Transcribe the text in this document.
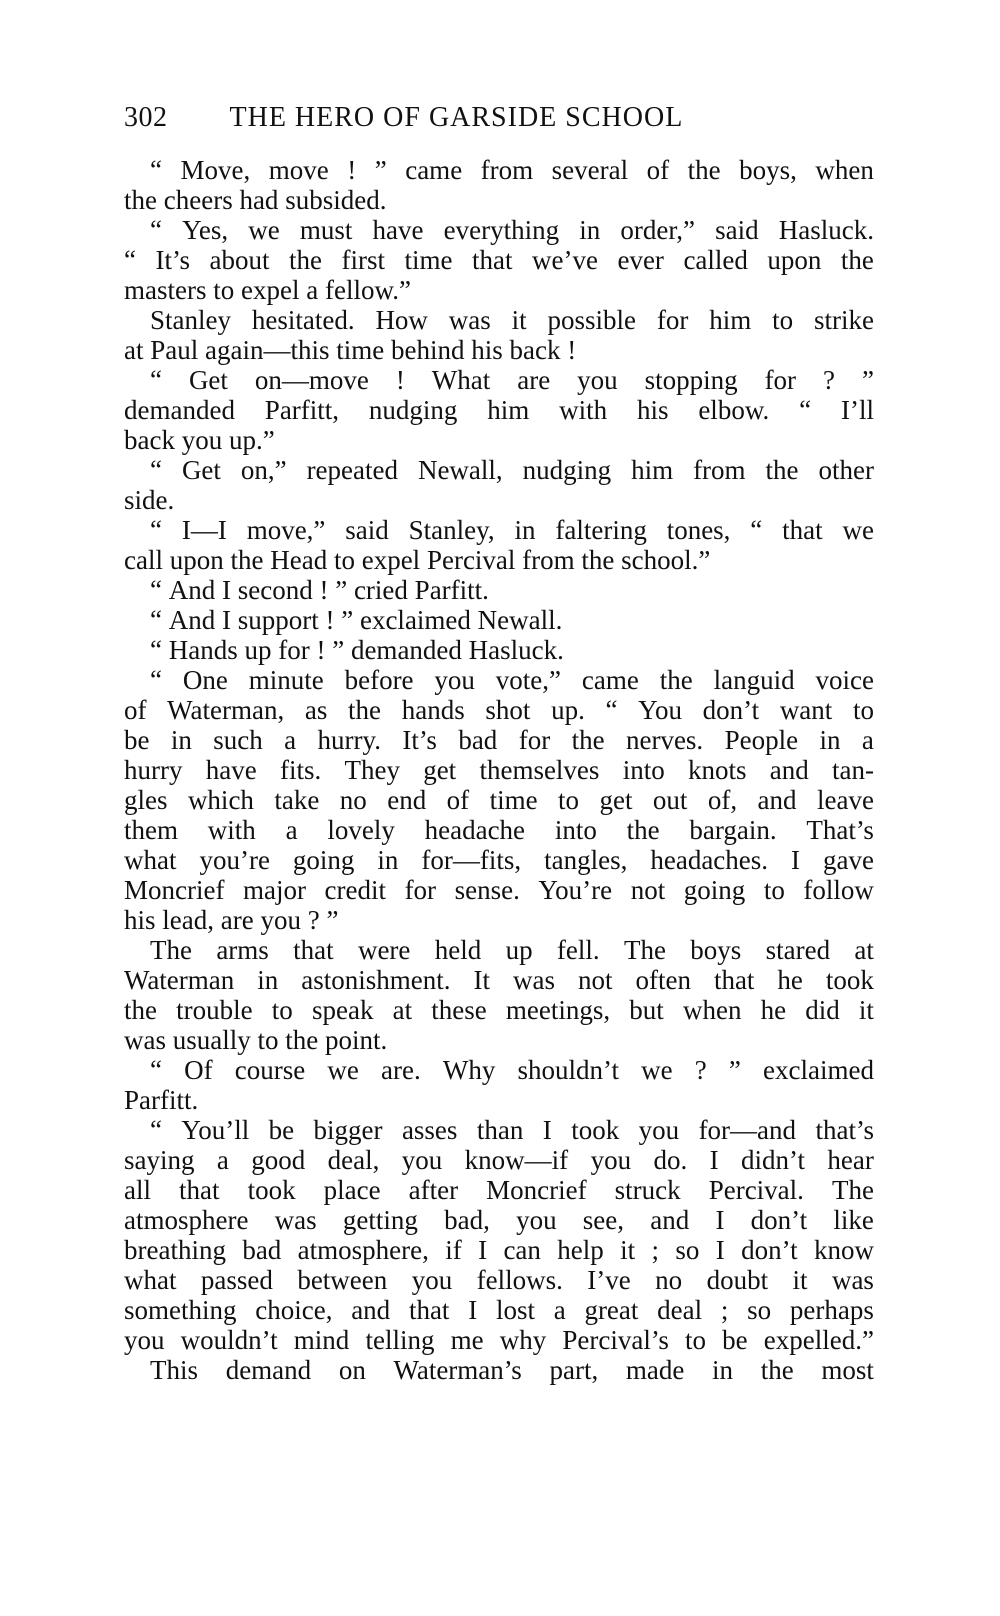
302 THE HERO OF GARSIDE SCHOOL
“ Move, move ! ” came from several of the boys, when
the cheers had subsided.
“ Yes, we must have everything in order,” said Hasluck.
“ It’s about the first time that we’ve ever called upon the
masters to expel a fellow.”
Stanley hesitated. How was it possible for him to strike
at Paul again—this time behind his back !
“ Get on—move ! What are you stopping for ? ”
demanded Parfitt, nudging him with his elbow. “ I’ll
back you up.”
“ Get on,” repeated Newall, nudging him from the other
side.
“ I—I move,” said Stanley, in faltering tones, “ that we
call upon the Head to expel Percival from the school.”
“ And I second ! ” cried Parfitt.
“ And I support ! ” exclaimed Newall.
“ Hands up for ! ” demanded Hasluck.
“ One minute before you vote,” came the languid voice
of Waterman, as the hands shot up. “ You don’t want to
be in such a hurry. It’s bad for the nerves. People in a
hurry have fits. They get themselves into knots and tan-
gles which take no end of time to get out of, and leave
them with a lovely headache into the bargain. That’s
what you’re going in for—fits, tangles, headaches. I gave
Moncrief major credit for sense. You’re not going to follow
his lead, are you ? ”
The arms that were held up fell. The boys stared at
Waterman in astonishment. It was not often that he took
the trouble to speak at these meetings, but when he did it
was usually to the point.
“ Of course we are. Why shouldn’t we ? ” exclaimed
Parfitt.
“ You’ll be bigger asses than I took you for—and that’s
saying a good deal, you know—if you do. I didn’t hear
all that took place after Moncrief struck Percival. The
atmosphere was getting bad, you see, and I don’t like
breathing bad atmosphere, if I can help it ; so I don’t know
what passed between you fellows. I’ve no doubt it was
something choice, and that I lost a great deal ; so perhaps
you wouldn’t mind telling me why Percival’s to be expelled.”
This demand on Waterman’s part, made in the most
